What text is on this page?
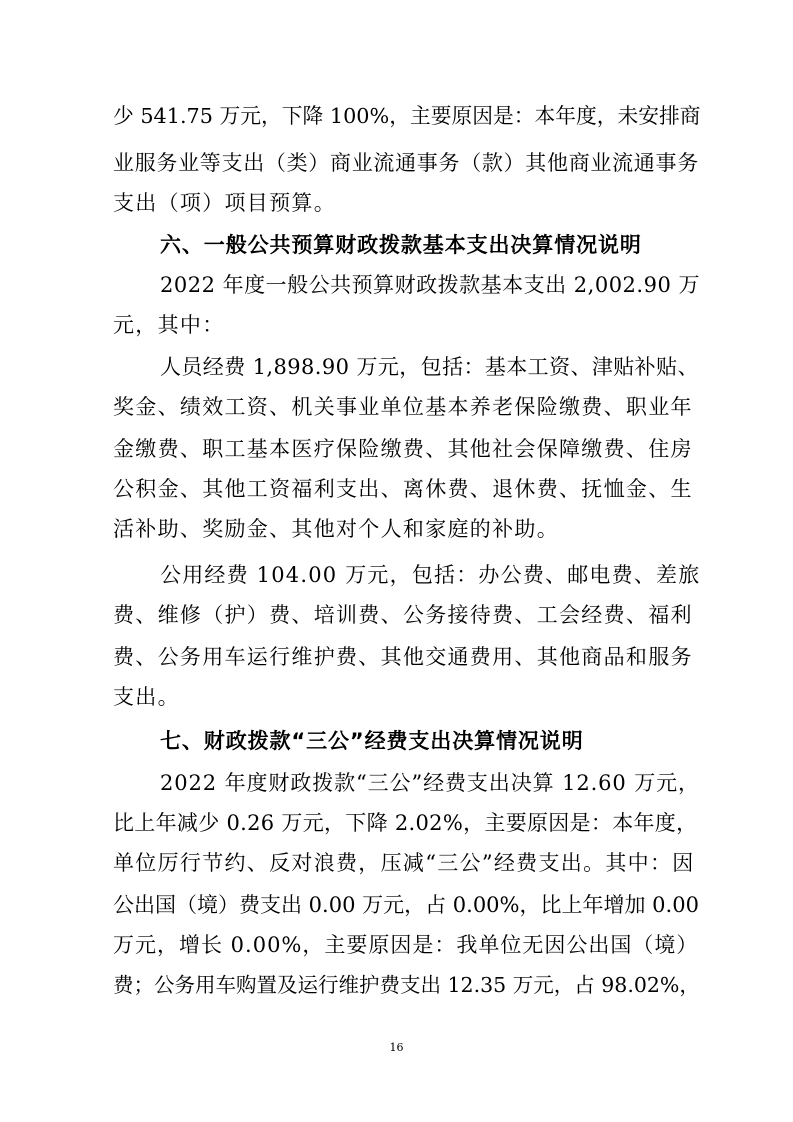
少 541.75 万元，下降 100%，主要原因是：本年度，未安排商
业服务业等支出（类）商业流通事务（款）其他商业流通事务
支出（项）项目预算。
六、一般公共预算财政拨款基本支出决算情况说明
2022 年度一般公共预算财政拨款基本支出 2,002.90 万
元，其中：
人员经费 1,898.90 万元，包括：基本工资、津贴补贴、
奖金、绩效工资、机关事业单位基本养老保险缴费、职业年
金缴费、职工基本医疗保险缴费、其他社会保障缴费、住房
公积金、其他工资福利支出、离休费、退休费、抚恤金、生
活补助、奖励金、其他对个人和家庭的补助。
公用经费 104.00 万元，包括：办公费、邮电费、差旅
费、维修（护）费、培训费、公务接待费、工会经费、福利
费、公务用车运行维护费、其他交通费用、其他商品和服务
支出。
七、财政拨款“三公”经费支出决算情况说明
2022 年度财政拨款“三公”经费支出决算 12.60 万元，
比上年减少 0.26 万元，下降 2.02%，主要原因是：本年度，
单位厉行节约、反对浪费，压减“三公”经费支出。其中：因
公出国（境）费支出 0.00 万元，占 0.00%，比上年增加 0.00
万元，增长 0.00%，主要原因是：我单位无因公出国（境）
费；公务用车购置及运行维护费支出 12.35 万元，占 98.02%，
16
